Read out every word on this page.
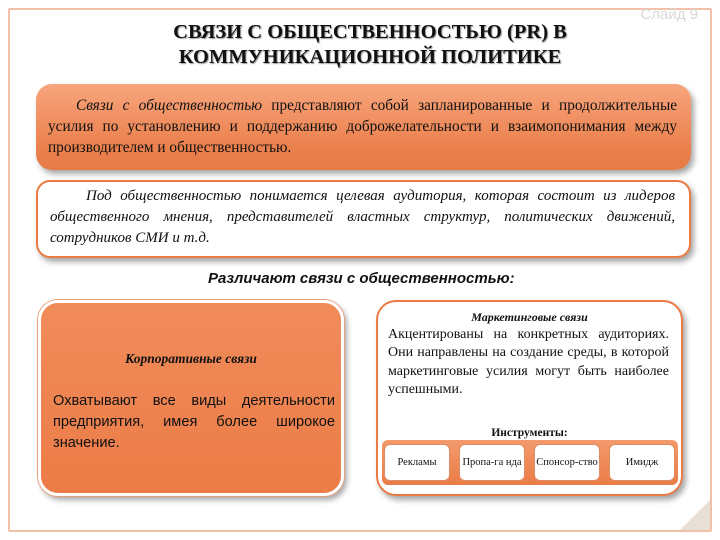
Слайд 9
СВЯЗИ С ОБЩЕСТВЕННОСТЬЮ (PR) В КОММУНИКАЦИОННОЙ ПОЛИТИКЕ

Связи с общественностью представляют собой запланированные и продолжительные усилия по установлению и поддержанию доброжелательности и взаимопонимания между производителем и общественностью.

Под общественностью понимается целевая аудитория, которая состоит из лидеров общественного мнения, представителей властных структур, политических движений, сотрудников СМИ и т.д.

Различают связи с общественностью:
Корпоративные связи
Охватывают все виды деятельности предприятия, имея более широкое значение.
Маркетинговые связи
Акцентированы на конкретных аудиториях. Они направлены на создание среды, в которой маркетинговые усилия могут быть наиболее успешными.
Инструменты:
Рекламы	Пропа-га нда	Спонсор-ство	Имидж
